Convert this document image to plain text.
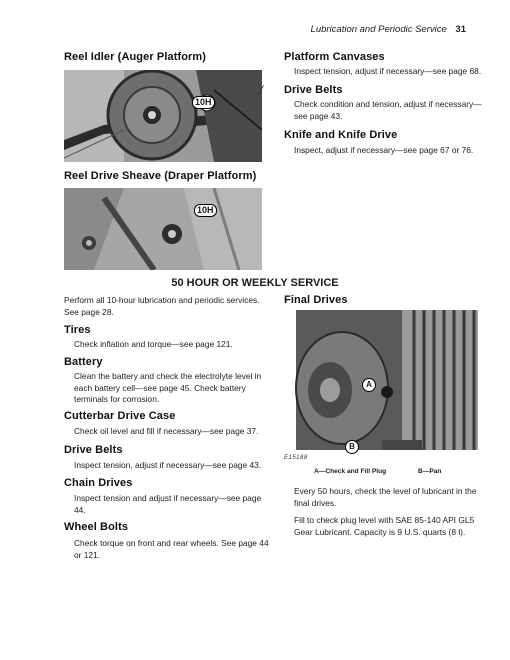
Lubrication and Periodic Service 31
Reel Idler (Auger Platform)
10H
⁄
Reel Drive Sheave (Draper Platform)
10H
Platform Canvases

Inspect tension, adjust if necessary—see page 68.

Drive Belts

Check condition and tension, adjust if necessary—see page 43.

Knife and Knife Drive

Inspect, adjust if necessary—see page 67 or 76.

50 HOUR OR WEEKLY SERVICE

Perform all 10-hour lubrication and periodic services. See page 28.

Tires

Check inflation and torque—see page 121.

Battery

Clean the battery and check the electrolyte level in each battery cell—see page 45. Check battery terminals for corrosion.

Cutterbar Drive Case

Check oil level and fill if necessary—see page 37.

Drive Belts

Inspect tension, adjust if necessary—see page 43.

Chain Drives

Inspect tension and adjust if necessary—see page 44.

Wheel Bolts

Check torque on front and rear wheels. See page 44 or 121.

Final Drives
A
B
E15188
A—Check and Fill Plug	B—Pan

Every 50 hours, check the level of lubricant in the final drives.

Fill to check plug level with SAE 85-140 API GL5 Gear Lubricant. Capacity is 9 U.S. quarts (8 l).
